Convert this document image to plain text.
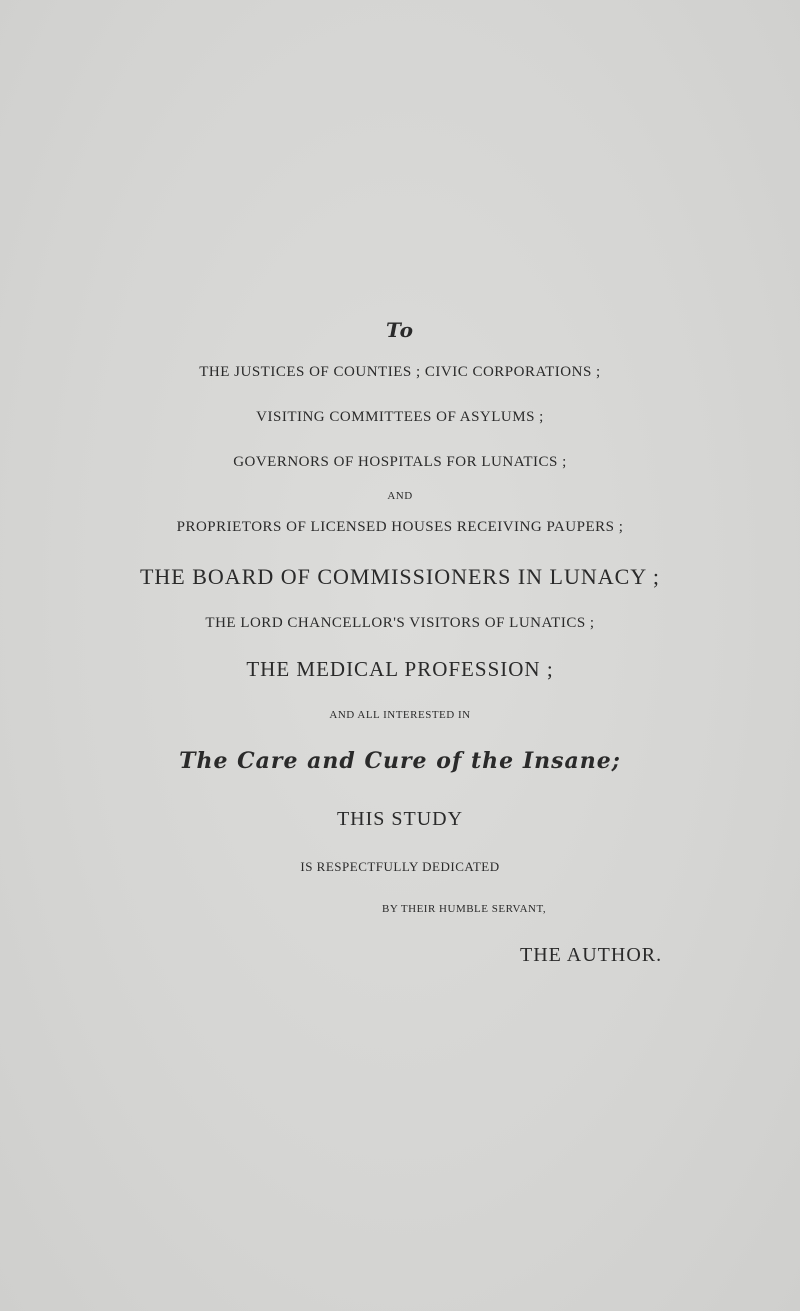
To
THE JUSTICES OF COUNTIES ; CIVIC CORPORATIONS ;
VISITING COMMITTEES OF ASYLUMS ;
GOVERNORS OF HOSPITALS FOR LUNATICS ;
AND
PROPRIETORS OF LICENSED HOUSES RECEIVING PAUPERS ;
THE BOARD OF COMMISSIONERS IN LUNACY ;
THE LORD CHANCELLOR'S VISITORS OF LUNATICS ;
THE MEDICAL PROFESSION ;
AND ALL INTERESTED IN
The Care and Cure of the Insane;
THIS STUDY
IS RESPECTFULLY DEDICATED
BY THEIR HUMBLE SERVANT,
THE AUTHOR.
